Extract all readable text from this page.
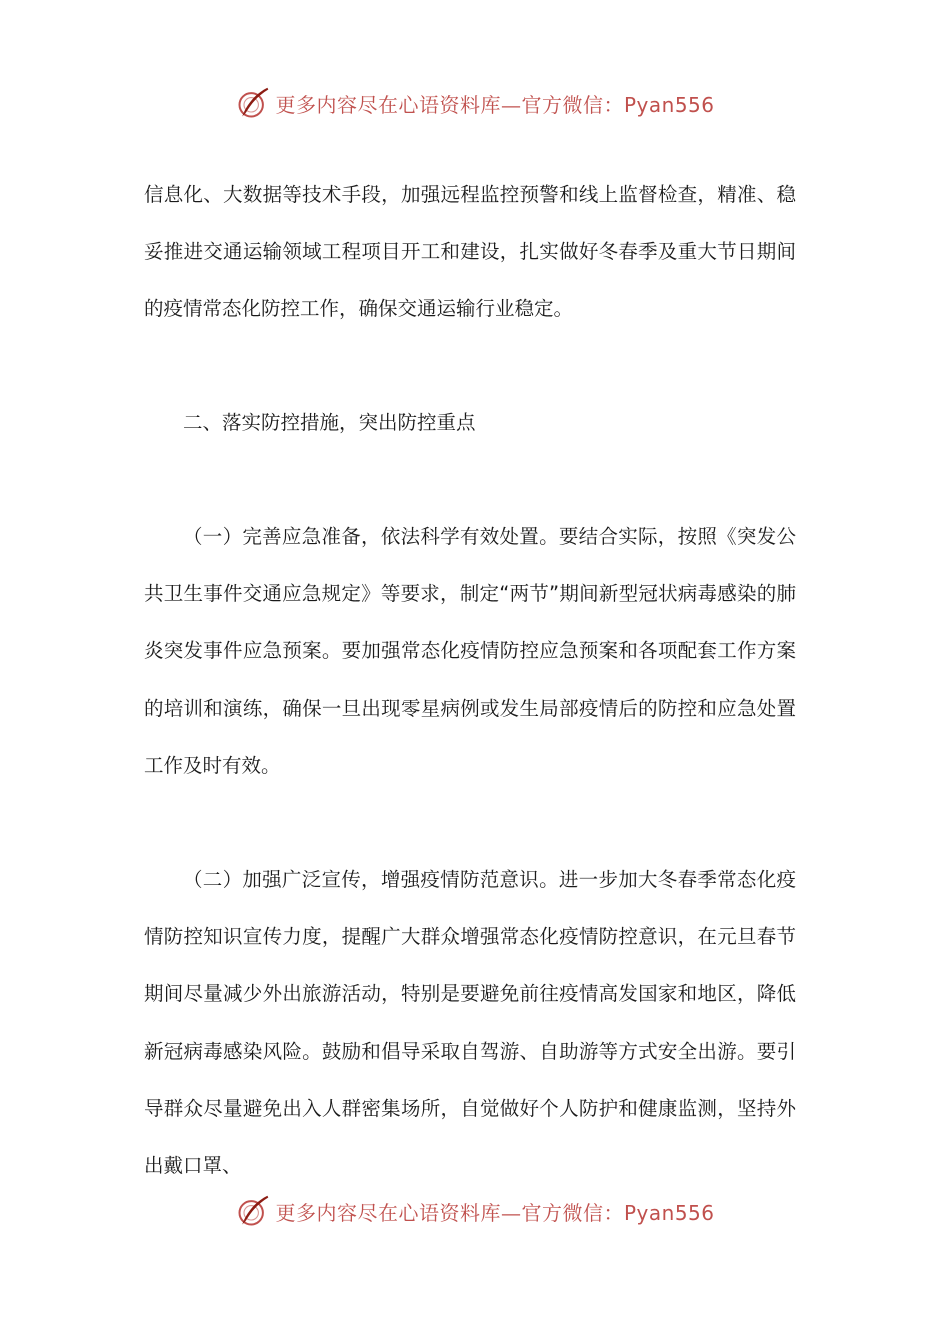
更多内容尽在心语资料库—官方微信：Pyan556

信息化、大数据等技术手段，加强远程监控预警和线上监督检查，精准、稳妥推进交通运输领域工程项目开工和建设，扎实做好冬春季及重大节日期间的疫情常态化防控工作，确保交通运输行业稳定。

二、落实防控措施，突出防控重点

（一）完善应急准备，依法科学有效处置。要结合实际，按照《突发公共卫生事件交通应急规定》等要求，制定“两节”期间新型冠状病毒感染的肺炎突发事件应急预案。要加强常态化疫情防控应急预案和各项配套工作方案的培训和演练，确保一旦出现零星病例或发生局部疫情后的防控和应急处置工作及时有效。

（二）加强广泛宣传，增强疫情防范意识。进一步加大冬春季常态化疫情防控知识宣传力度，提醒广大群众增强常态化疫情防控意识，在元旦春节期间尽量减少外出旅游活动，特别是要避免前往疫情高发国家和地区，降低新冠病毒感染风险。鼓励和倡导采取自驾游、自助游等方式安全出游。要引导群众尽量避免出入人群密集场所，自觉做好个人防护和健康监测，坚持外出戴口罩、

更多内容尽在心语资料库—官方微信：Pyan556
